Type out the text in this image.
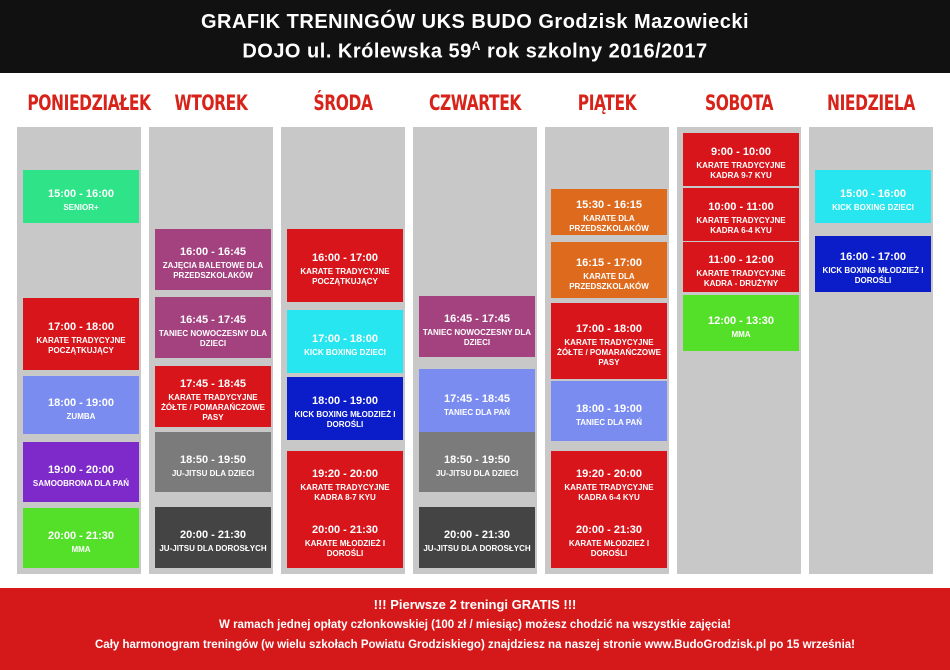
GRAFIK TRENINGÓW UKS BUDO Grodzisk Mazowiecki
DOJO ul. Królewska $59^A$ rok szkolny 2016/2017
PONIEDZIAŁEK
15:00 - 16:00
SENIOR+
17:00 - 18:00
KARATE TRADYCYJNE POCZĄTKUJĄCY
18:00 - 19:00
ZUMBA
19:00 - 20:00
SAMOOBRONA DLA PAŃ
20:00 - 21:30
MMA
WTOREK
16:00 - 16:45
ZAJĘCIA BALETOWE DLA PRZEDSZKOLAKÓW
16:45 - 17:45
TANIEC NOWOCZESNY DLA DZIECI
17:45 - 18:45
KARATE TRADYCYJNE ŻÓŁTE / POMARAŃCZOWE PASY
18:50 - 19:50
JU-JITSU DLA DZIECI
20:00 - 21:30
JU-JITSU DLA DOROSŁYCH
ŚRODA
16:00 - 17:00
KARATE TRADYCYJNE POCZĄTKUJĄCY
17:00 - 18:00
KICK BOXING DZIECI
18:00 - 19:00
KICK BOXING MŁODZIEŻ I DOROŚLI
19:20 - 20:00
KARATE TRADYCYJNE KADRA 8-7 KYU
20:00 - 21:30
KARATE MŁODZIEŻ I DOROŚLI
CZWARTEK
16:45 - 17:45
TANIEC NOWOCZESNY DLA DZIECI
17:45 - 18:45
TANIEC DLA PAŃ
18:50 - 19:50
JU-JITSU DLA DZIECI
20:00 - 21:30
JU-JITSU DLA DOROSŁYCH
PIĄTEK
15:30 - 16:15
KARATE DLA PRZEDSZKOLAKÓW
16:15 - 17:00
KARATE DLA PRZEDSZKOLAKÓW
17:00 - 18:00
KARATE TRADYCYJNE ŻÓŁTE / POMARAŃCZOWE PASY
18:00 - 19:00
TANIEC DLA PAŃ
19:20 - 20:00
KARATE TRADYCYJNE KADRA 6-4 KYU
20:00 - 21:30
KARATE MŁODZIEŻ I DOROŚLI
SOBOTA
9:00 - 10:00
KARATE TRADYCYJNE KADRA 9-7 KYU
10:00 - 11:00
KARATE TRADYCYJNE KADRA 6-4 KYU
11:00 - 12:00
KARATE TRADYCYJNE KADRA - DRUŻYNY
12:00 - 13:30
MMA
NIEDZIELA
15:00 - 16:00
KICK BOXING DZIECI
16:00 - 17:00
KICK BOXING MŁODZIEŻ I DOROŚLI
!!! Pierwsze 2 treningi GRATIS !!!
W ramach jednej opłaty członkowskiej (100 zł / miesiąc) możesz chodzić na wszystkie zajęcia!
Cały harmonogram treningów (w wielu szkołach Powiatu Grodziskiego) znajdziesz na naszej stronie www.BudoGrodzisk.pl po 15 września!
